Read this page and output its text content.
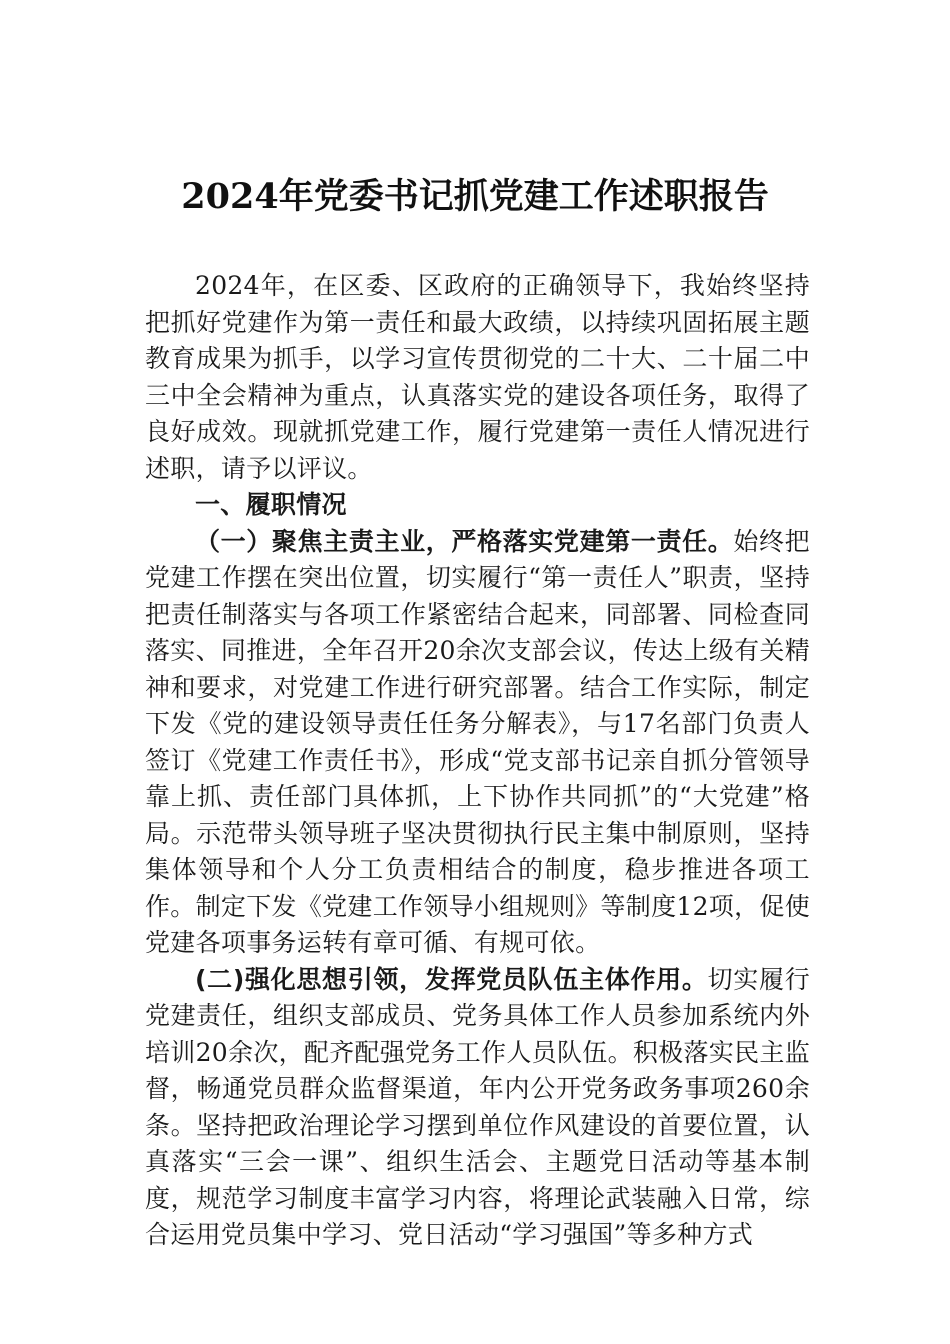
2024年党委书记抓党建工作述职报告

2024年，在区委、区政府的正确领导下，我始终坚持把抓好党建作为第一责任和最大政绩，以持续巩固拓展主题教育成果为抓手，以学习宣传贯彻党的二十大、二十届二中三中全会精神为重点，认真落实党的建设各项任务，取得了良好成效。现就抓党建工作，履行党建第一责任人情况进行述职，请予以评议。

一、履职情况

（一）聚焦主责主业，严格落实党建第一责任。始终把党建工作摆在突出位置，切实履行“第一责任人”职责，坚持把责任制落实与各项工作紧密结合起来，同部署、同检查同落实、同推进，全年召开20余次支部会议，传达上级有关精神和要求，对党建工作进行研究部署。结合工作实际，制定下发《党的建设领导责任任务分解表》，与17名部门负责人签订《党建工作责任书》，形成“党支部书记亲自抓分管领导靠上抓、责任部门具体抓，上下协作共同抓”的“大党建”格局。示范带头领导班子坚决贯彻执行民主集中制原则，坚持集体领导和个人分工负责相结合的制度，稳步推进各项工作。制定下发《党建工作领导小组规则》等制度12项，促使党建各项事务运转有章可循、有规可依。

(二)强化思想引领，发挥党员队伍主体作用。切实履行党建责任，组织支部成员、党务具体工作人员参加系统内外培训20余次，配齐配强党务工作人员队伍。积极落实民主监督，畅通党员群众监督渠道，年内公开党务政务事项260余条。坚持把政治理论学习摆到单位作风建设的首要位置，认真落实“三会一课”、组织生活会、主题党日活动等基本制度，规范学习制度丰富学习内容，将理论武装融入日常，综合运用党员集中学习、党日活动“学习强国”等多种方式
